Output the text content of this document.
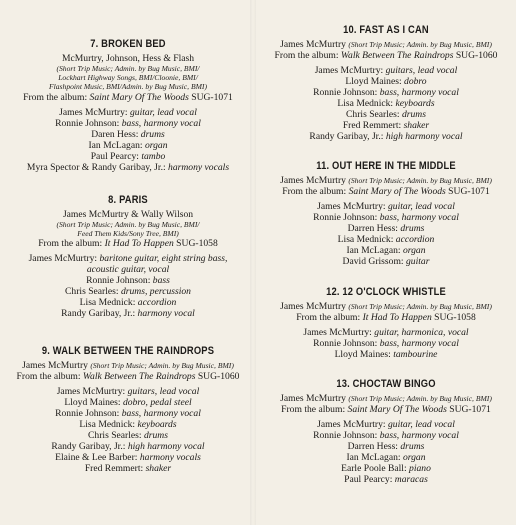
7. BROKEN BED
McMurtry, Johnson, Hess & Flash
(Short Trip Music; Admin. by Bug Music, BMI/
Lockhart Highway Songs, BMI/Cloonie, BMI/
Flashpoint Music, BMI/Admin. by Bug Music, BMI)
From the album: Saint Mary Of The Woods SUG-1071
James McMurtry: guitar, lead vocal
Ronnie Johnson: bass, harmony vocal
Daren Hess: drums
Ian McLagan: organ
Paul Pearcy: tambo
Myra Spector & Randy Garibay, Jr.: harmony vocals
8. PARIS
James McMurtry & Wally Wilson
(Short Trip Music; Admin. by Bug Music, BMI/
Feed Them Kids/Sony Tree, BMI)
From the album: It Had To Happen SUG-1058
James McMurtry: baritone guitar, eight string bass,
acoustic guitar, vocal
Ronnie Johnson: bass
Chris Searles: drums, percussion
Lisa Mednick: accordion
Randy Garibay, Jr.: harmony vocal
9. WALK BETWEEN THE RAINDROPS
James McMurtry (Short Trip Music; Admin. by Bug Music, BMI)
From the album: Walk Between The Raindrops SUG-1060
James McMurtry: guitars, lead vocal
Lloyd Maines: dobro, pedal steel
Ronnie Johnson: bass, harmony vocal
Lisa Mednick: keyboards
Chris Searles: drums
Randy Garibay, Jr.: high harmony vocal
Elaine & Lee Barber: harmony vocals
Fred Remmert: shaker
10. FAST AS I CAN
James McMurtry (Short Trip Music; Admin. by Bug Music, BMI)
From the album: Walk Between The Raindrops SUG-1060
James McMurtry: guitars, lead vocal
Lloyd Maines: dobro
Ronnie Johnson: bass, harmony vocal
Lisa Mednick: keyboards
Chris Searles: drums
Fred Remmert: shaker
Randy Garibay, Jr.: high harmony vocal
11. OUT HERE IN THE MIDDLE
James McMurtry (Short Trip Music; Admin. by Bug Music, BMI)
From the album: Saint Mary of The Woods SUG-1071
James McMurtry: guitar, lead vocal
Ronnie Johnson: bass, harmony vocal
Darren Hess: drums
Lisa Mednick: accordion
Ian McLagan: organ
David Grissom: guitar
12. 12 O'CLOCK WHISTLE
James McMurtry (Short Trip Music; Admin. by Bug Music, BMI)
From the album: It Had To Happen SUG-1058
James McMurtry: guitar, harmonica, vocal
Ronnie Johnson: bass, harmony vocal
Lloyd Maines: tambourine
13. CHOCTAW BINGO
James McMurtry (Short Trip Music; Admin. by Bug Music, BMI)
From the album: Saint Mary Of The Woods SUG-1071
James McMurtry: guitar, lead vocal
Ronnie Johnson: bass, harmony vocal
Darren Hess: drums
Ian McLagan: organ
Earle Poole Ball: piano
Paul Pearcy: maracas
